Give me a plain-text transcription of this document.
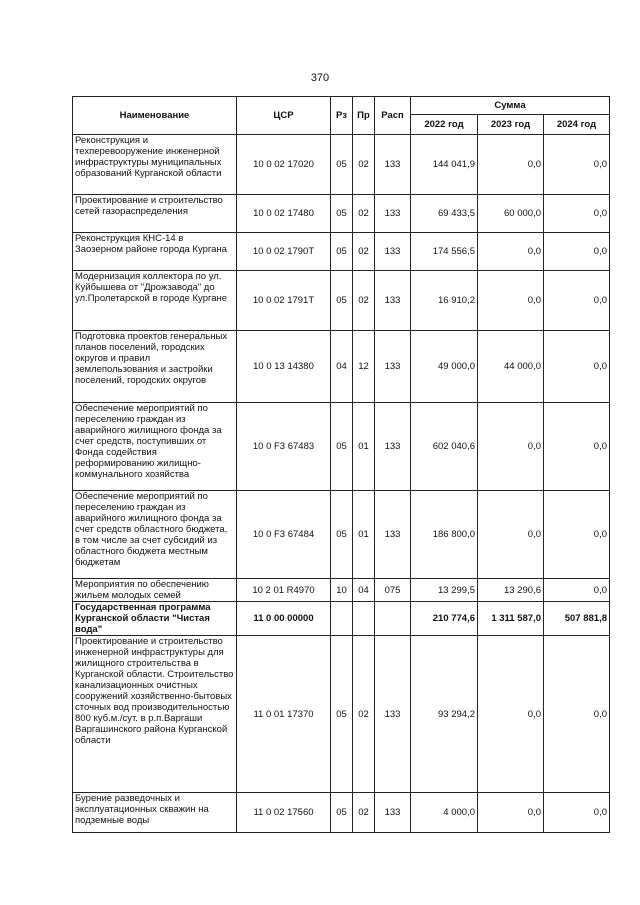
370
Наименование	ЦСР	Рз	Пр	Расп	Сумма		
					2022 год	2023 год	2024 год
Реконструкция и техперевооружение инженерной инфраструктуры муниципальных образований Курганской области	10 0 02 17020	05	02	133	144 041,9	0,0	0,0
Проектирование и строительство сетей газораспределения	10 0 02 17480	05	02	133	69 433,5	60 000,0	0,0
Реконструкция КНС-14 в Заозерном районе города Кургана	10 0 02 1790Т	05	02	133	174 556,5	0,0	0,0
Модернизация коллектора по ул. Куйбышева от "Дрожзавода" до ул.Пролетарской в городе Кургане	10 0 02 1791Т	05	02	133	16 910,2	0,0	0,0
Подготовка проектов генеральных планов поселений, городских округов и правил землепользования и застройки поселений, городских округов	10 0 13 14380	04	12	133	49 000,0	44 000,0	0,0
Обеспечение мероприятий по переселению граждан из аварийного жилищного фонда за счет средств, поступивших от Фонда содействия реформированию жилищно-коммунального хозяйства	10 0 F3 67483	05	01	133	602 040,6	0,0	0,0
Обеспечение мероприятий по переселению граждан из аварийного жилищного фонда за счет средств областного бюджета, в том числе за счет субсидий из областного бюджета местным бюджетам	10 0 F3 67484	05	01	133	186 800,0	0,0	0,0
Мероприятия по обеспечению жильем молодых семей	10 2 01 R4970	10	04	075	13 299,5	13 290,6	0,0
Государственная программа Курганской области "Чистая вода"	11 0 00 00000				210 774,6	1 311 587,0	507 881,8
Проектирование и строительство инженерной инфраструктуры для жилищного строительства в Курганской области. Строительство канализационных очистных сооружений хозяйственно-бытовых сточных вод производительностью 800 куб.м./сут. в р.п.Варгаши Варгашинского района Курганской области	11 0 01 17370	05	02	133	93 294,2	0,0	0,0
Бурение разведочных и эксплуатационных скважин на подземные воды	11 0 02 17560	05	02	133	4 000,0	0,0	0,0
